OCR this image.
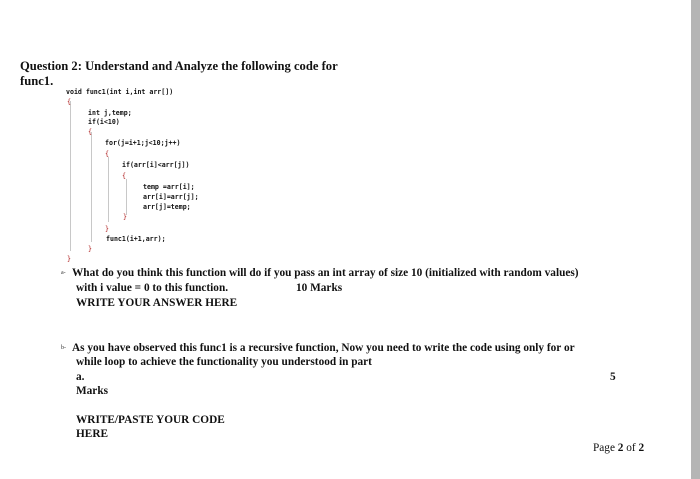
Question 2: Understand and Analyze the following code for
func1.
void func1(int i,int arr[])
{
int j,temp;
if(i<10)
{
for(j=i+1;j<10;j++)
{
if(arr[i]<arr[j])
{
temp =arr[i];
arr[i]=arr[j];
arr[j]=temp;
}
}
func1(i+1,arr);
}
}
a- What do you think this function will do if you pass an int array of size 10 (initialized with random values)
with i value = 0 to this function.	10 Marks
WRITE YOUR ANSWER HERE
b- As you have observed this func1 is a recursive function, Now you need to write the code using only for or
while loop to achieve the functionality you understood in part
a.	5
Marks
WRITE/PASTE YOUR CODE
HERE
Page 2 of 2
